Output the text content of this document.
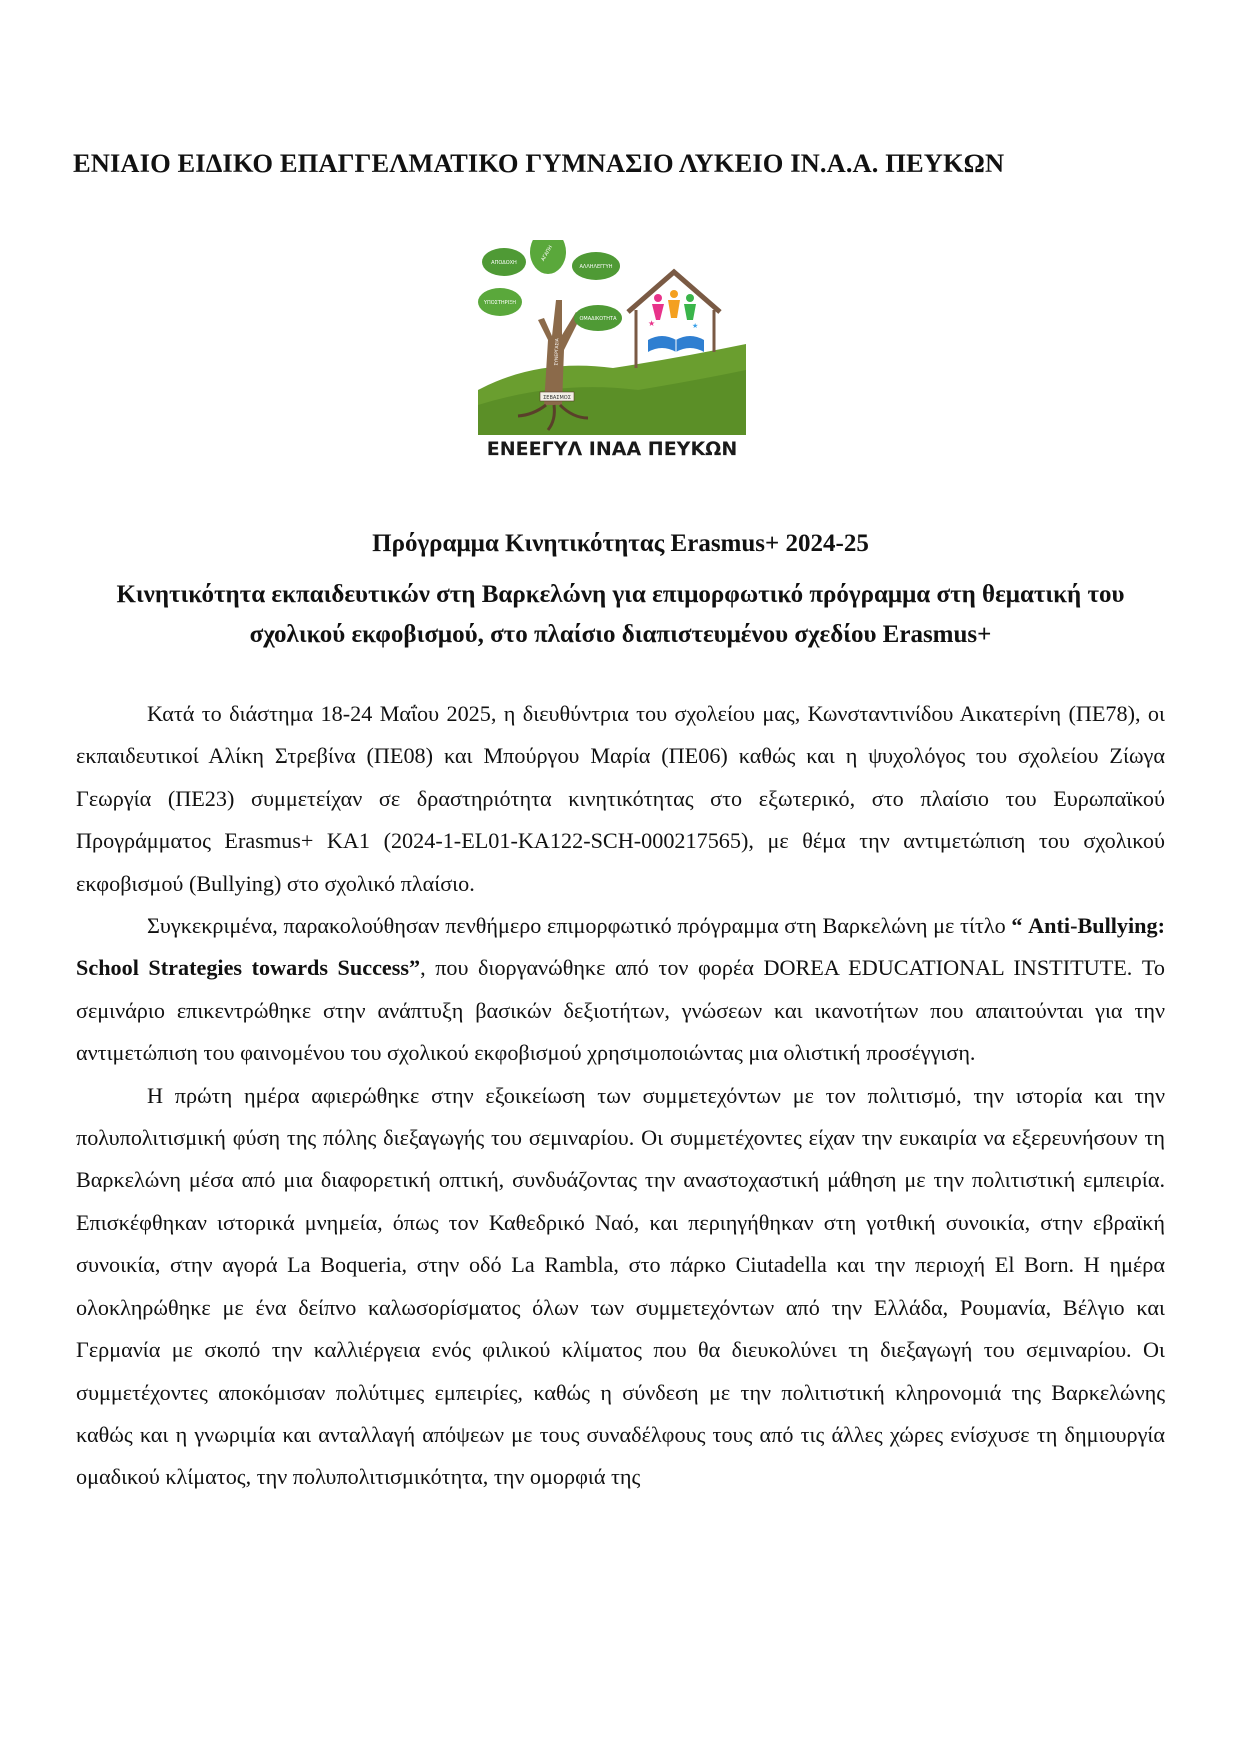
ΕΝΙΑΙΟ ΕΙΔΙΚΟ ΕΠΑΓΓΕΛΜΑΤΙΚΟ ΓΥΜΝΑΣΙΟ ΛΥΚΕΙΟ ΙΝ.Α.Α. ΠΕΥΚΩΝ
ΑΠΟΔΟΧΗ
ΑΓΑΠΗ
ΑΛΛΗΛΕΓΓΥΗ
ΥΠΟΣΤΗΡΙΞΗ
ΟΜΑΔΙΚΟΤΗΤΑ
ΣΥΝΕΡΓΑΣΙΑ
ΣΕΒΑΣΜΟΣ
★	★
ΕΝΕΕΓΥΛ ΙΝΑΑ ΠΕΥΚΩΝ
Πρόγραμμα Κινητικότητας Erasmus+ 2024-25
Κινητικότητα εκπαιδευτικών στη Βαρκελώνη για επιμορφωτικό πρόγραμμα στη θεματική του σχολικού εκφοβισμού, στο πλαίσιο διαπιστευμένου σχεδίου Erasmus+

Κατά το διάστημα 18-24 Μαΐου 2025, η διευθύντρια του σχολείου μας, Κωνσταντινίδου Αικατερίνη (ΠΕ78), οι εκπαιδευτικοί Αλίκη Στρεβίνα (ΠΕ08) και Μπούργου Μαρία (ΠΕ06) καθώς και η ψυχολόγος του σχολείου Ζίωγα Γεωργία (ΠΕ23) συμμετείχαν σε δραστηριότητα κινητικότητας στο εξωτερικό, στο πλαίσιο του Ευρωπαϊκού Προγράμματος Erasmus+ KA1 (2024-1-EL01-KA122-SCH-000217565), με θέμα την αντιμετώπιση του σχολικού εκφοβισμού (Bullying) στο σχολικό πλαίσιο.

Συγκεκριμένα, παρακολούθησαν πενθήμερο επιμορφωτικό πρόγραμμα στη Βαρκελώνη με τίτλο “ Anti-Bullying: School Strategies towards Success”, που διοργανώθηκε από τον φορέα DOREA EDUCATIONAL INSTITUTE. Το σεμινάριο επικεντρώθηκε στην ανάπτυξη βασικών δεξιοτήτων, γνώσεων και ικανοτήτων που απαιτούνται για την αντιμετώπιση του φαινομένου του σχολικού εκφοβισμού χρησιμοποιώντας μια ολιστική προσέγγιση.

Η πρώτη ημέρα αφιερώθηκε στην εξοικείωση των συμμετεχόντων με τον πολιτισμό, την ιστορία και την πολυπολιτισμική φύση της πόλης διεξαγωγής του σεμιναρίου. Οι συμμετέχοντες είχαν την ευκαιρία να εξερευνήσουν τη Βαρκελώνη μέσα από μια διαφορετική οπτική, συνδυάζοντας την αναστοχαστική μάθηση με την πολιτιστική εμπειρία. Επισκέφθηκαν ιστορικά μνημεία, όπως τον Καθεδρικό Ναό, και περιηγήθηκαν στη γοτθική συνοικία, στην εβραϊκή συνοικία, στην αγορά La Boqueria, στην οδό La Rambla, στο πάρκο Ciutadella και την περιοχή El Born. Η ημέρα ολοκληρώθηκε με ένα δείπνο καλωσορίσματος όλων των συμμετεχόντων από την Ελλάδα, Ρουμανία, Βέλγιο και Γερμανία με σκοπό την καλλιέργεια ενός φιλικού κλίματος που θα διευκολύνει τη διεξαγωγή του σεμιναρίου. Οι συμμετέχοντες αποκόμισαν πολύτιμες εμπειρίες, καθώς η σύνδεση με την πολιτιστική κληρονομιά της Βαρκελώνης καθώς και η γνωριμία και ανταλλαγή απόψεων με τους συναδέλφους τους από τις άλλες χώρες ενίσχυσε τη δημιουργία ομαδικού κλίματος, την πολυπολιτισμικότητα, την ομορφιά της
